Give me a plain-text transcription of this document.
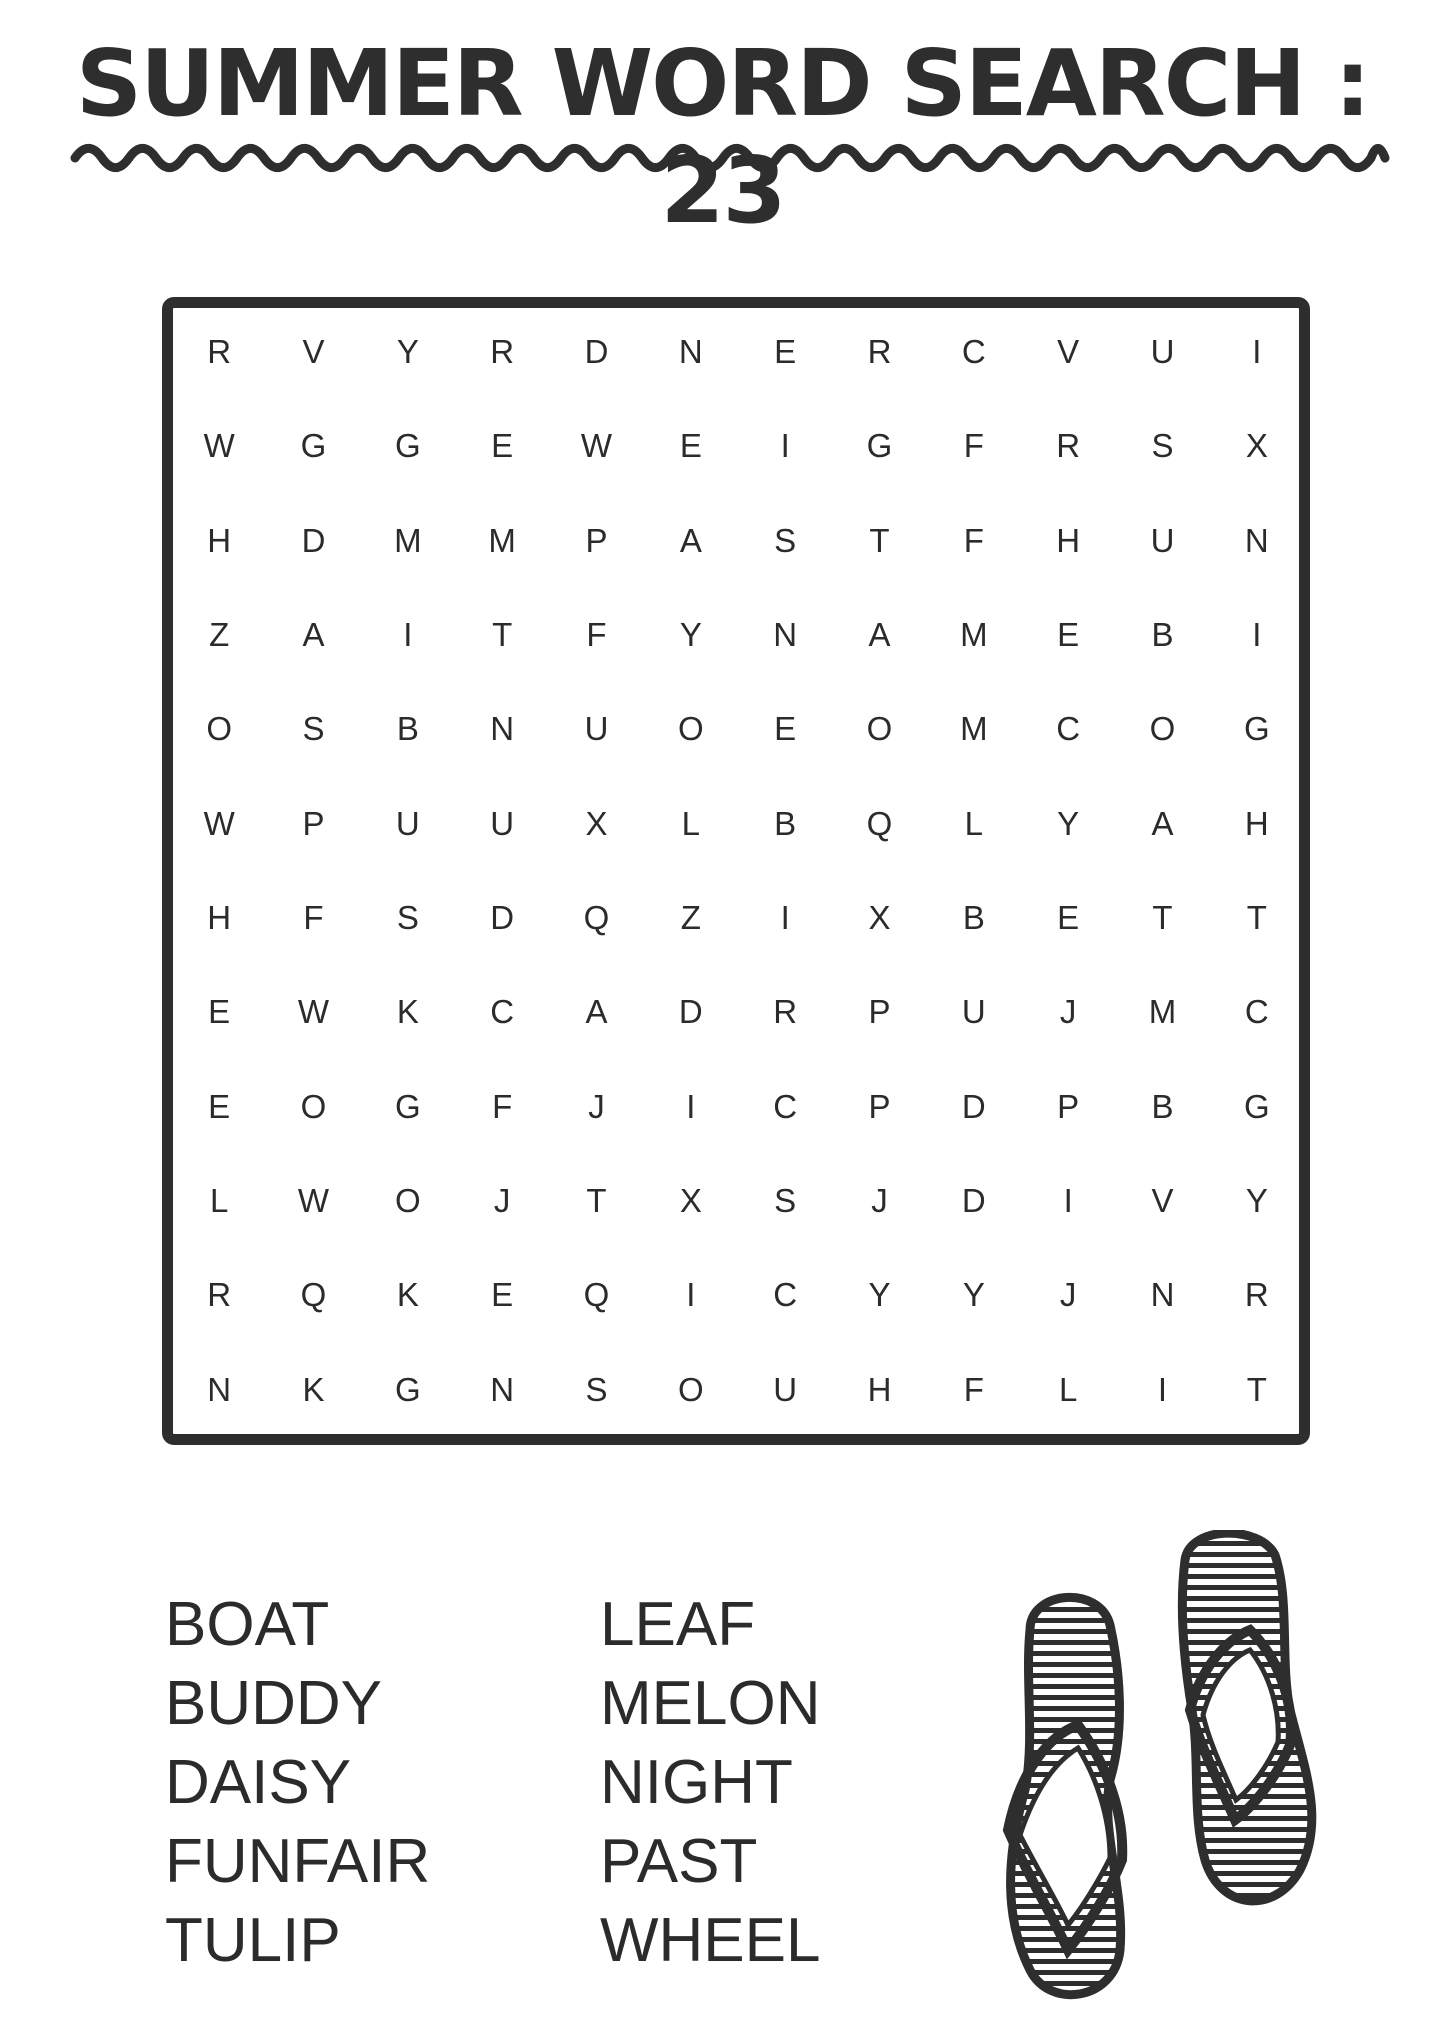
SUMMER WORD SEARCH : 23
R V Y R D N E R C V U I
W G G E W E I G F R S X
H D M M P A S T F H U N
Z A I T F Y N A M E B I
O S B N U O E O M C O G
W P U U X L B Q L Y A H
H F S D Q Z I X B E T T
E W K C A D R P U J M C
E O G F J I C P D P B G
L W O J T X S J D I V Y
R Q K E Q I C Y Y J N R
N K G N S O U H F L I T
BOAT
BUDDY
DAISY
FUNFAIR
TULIP
LEAF
MELON
NIGHT
PAST
WHEEL
